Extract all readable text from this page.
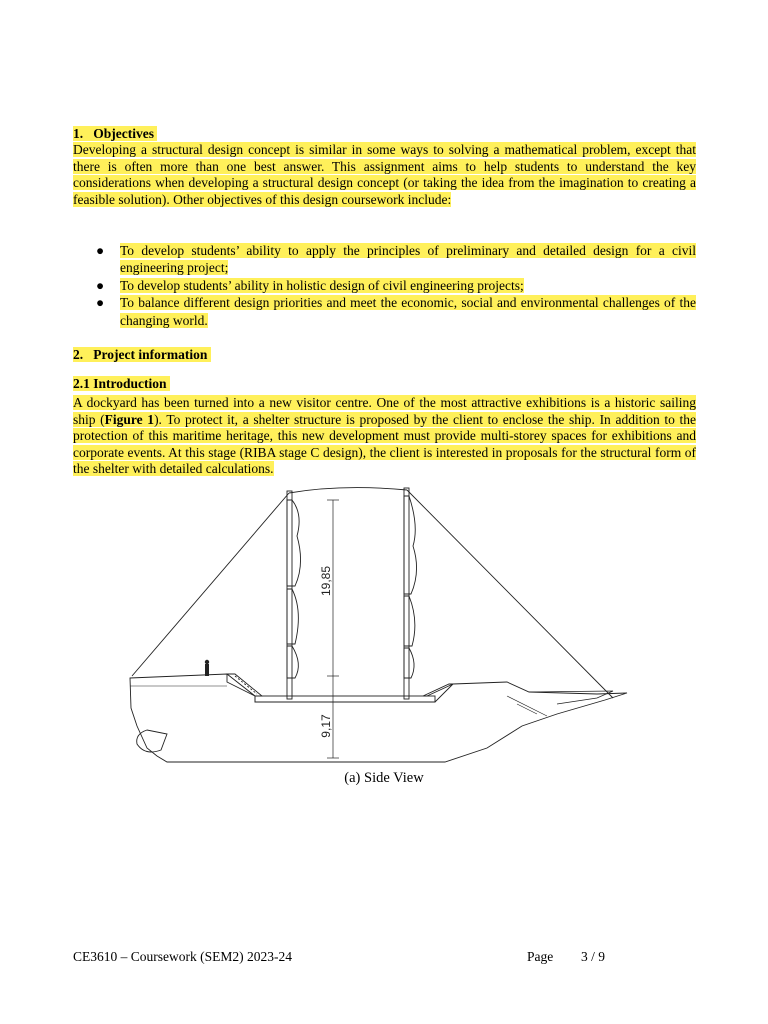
1. Objectives
Developing a structural design concept is similar in some ways to solving a mathematical problem, except that there is often more than one best answer. This assignment aims to help students to understand the key considerations when developing a structural design concept (or taking the idea from the imagination to creating a feasible solution). Other objectives of this design coursework include:
●	To develop students’ ability to apply the principles of preliminary and detailed design for a civil engineering project;
●	To develop students’ ability in holistic design of civil engineering projects;
●	To balance different design priorities and meet the economic, social and environmental challenges of the changing world.
2. Project information
2.1 Introduction
A dockyard has been turned into a new visitor centre. One of the most attractive exhibitions is a historic sailing ship (Figure 1). To protect it, a shelter structure is proposed by the client to enclose the ship. In addition to the protection of this maritime heritage, this new development must provide multi-storey spaces for exhibitions and corporate events. At this stage (RIBA stage C design), the client is interested in proposals for the structural form of the shelter with detailed calculations.
19,85
9,17
(a) Side View
CE3610 – Coursework (SEM2) 2023-24	Page 3 / 9
